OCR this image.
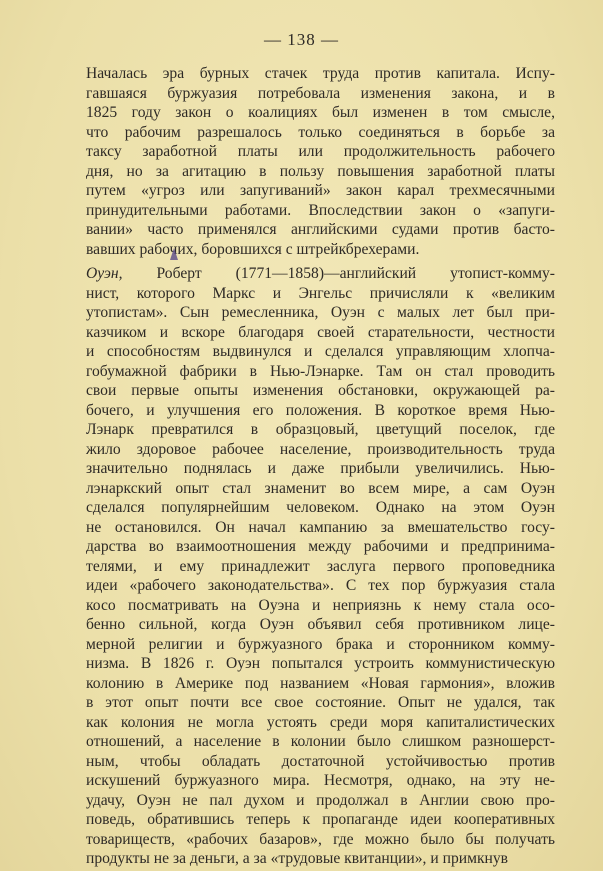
— 138 —
Началась эра бурных стачек труда против капитала. Испу-
гавшаяся буржуазия потребовала изменения закона, и в
1825 году закон о коалициях был изменен в том смысле,
что рабочим разрешалось только соединяться в борьбе за
таксу заработной платы или продолжительность рабочего
дня, но за агитацию в пользу повышения заработной платы
путем «угроз или запугиваний» закон карал трехмесячными
принудительными работами. Впоследствии закон о «запуги-
вании» часто применялся английскими судами против басто-
вавших рабочих, боровшихся с штрейкбрехерами.
Оуэн, Роберт (1771—1858)—английский утопист-комму-
нист, которого Маркс и Энгельс причисляли к «великим
утопистам». Сын ремесленника, Оуэн с малых лет был при-
казчиком и вскоре благодаря своей старательности, честности
и способностям выдвинулся и сделался управляющим хлопча-
гобумажной фабрики в Нью-Лэнарке. Там он стал проводить
свои первые опыты изменения обстановки, окружающей ра-
бочего, и улучшения его положения. В короткое время Нью-
Лэнарк превратился в образцовый, цветущий поселок, где
жило здоровое рабочее население, производительность труда
значительно поднялась и даже прибыли увеличились. Нью-
лэнаркский опыт стал знаменит во всем мире, а сам Оуэн
сделался популярнейшим человеком. Однако на этом Оуэн
не остановился. Он начал кампанию за вмешательство госу-
дарства во взаимоотношения между рабочими и предпринима-
телями, и ему принадлежит заслуга первого проповедника
идеи «рабочего законодательства». С тех пор буржуазия стала
косо посматривать на Оуэна и неприязнь к нему стала осо-
бенно сильной, когда Оуэн объявил себя противником лице-
мерной религии и буржуазного брака и сторонником комму-
низма. В 1826 г. Оуэн попытался устроить коммунистическую
колонию в Америке под названием «Новая гармония», вложив
в этот опыт почти все свое состояние. Опыт не удался, так
как колония не могла устоять среди моря капиталистических
отношений, а население в колонии было слишком разношерст-
ным, чтобы обладать достаточной устойчивостью против
искушений буржуазного мира. Несмотря, однако, на эту не-
удачу, Оуэн не пал духом и продолжал в Англии свою про-
поведь, обратившись теперь к пропаганде идеи кооперативных
товариществ, «рабочих базаров», где можно было бы получать
продукты не за деньги, а за «трудовые квитанции», и примкнув
